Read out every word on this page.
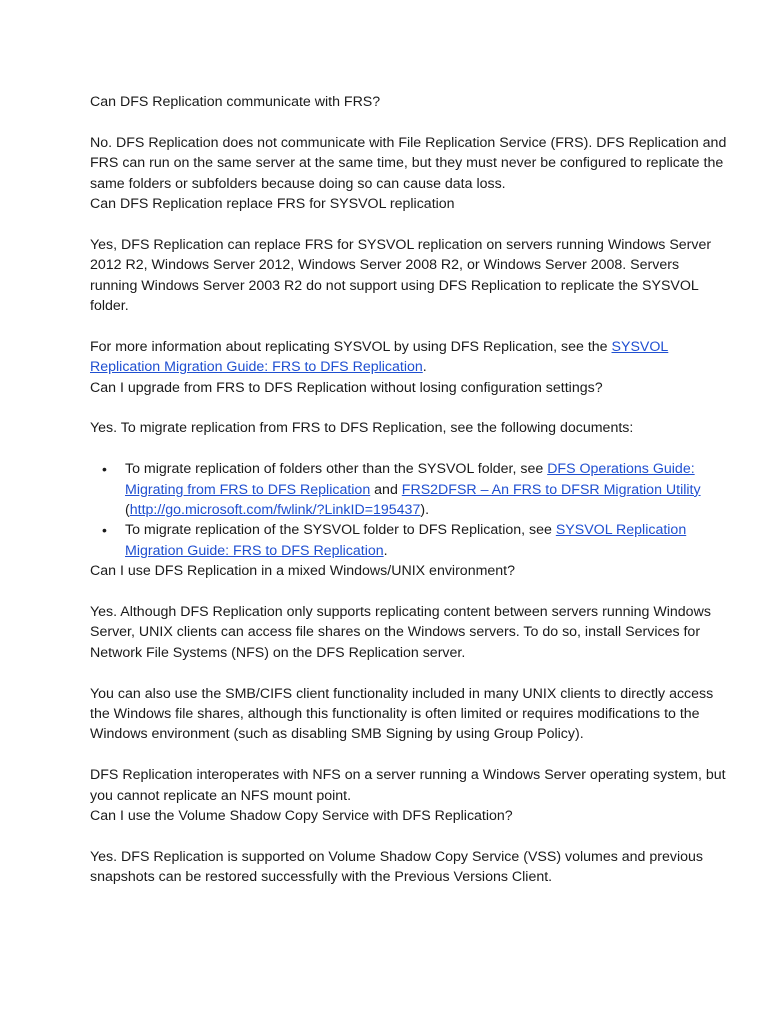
Can DFS Replication communicate with FRS?

No. DFS Replication does not communicate with File Replication Service (FRS). DFS Replication and FRS can run on the same server at the same time, but they must never be configured to replicate the same folders or subfolders because doing so can cause data loss.

Can DFS Replication replace FRS for SYSVOL replication

Yes, DFS Replication can replace FRS for SYSVOL replication on servers running Windows Server 2012 R2, Windows Server 2012, Windows Server 2008 R2, or Windows Server 2008. Servers running Windows Server 2003 R2 do not support using DFS Replication to replicate the SYSVOL folder.

For more information about replicating SYSVOL by using DFS Replication, see the SYSVOL Replication Migration Guide: FRS to DFS Replication.

Can I upgrade from FRS to DFS Replication without losing configuration settings?

Yes. To migrate replication from FRS to DFS Replication, see the following documents:

• To migrate replication of folders other than the SYSVOL folder, see DFS Operations Guide: Migrating from FRS to DFS Replication and FRS2DFSR – An FRS to DFSR Migration Utility (http://go.microsoft.com/fwlink/?LinkID=195437).
• To migrate replication of the SYSVOL folder to DFS Replication, see SYSVOL Replication Migration Guide: FRS to DFS Replication.

Can I use DFS Replication in a mixed Windows/UNIX environment?

Yes. Although DFS Replication only supports replicating content between servers running Windows Server, UNIX clients can access file shares on the Windows servers. To do so, install Services for Network File Systems (NFS) on the DFS Replication server.

You can also use the SMB/CIFS client functionality included in many UNIX clients to directly access the Windows file shares, although this functionality is often limited or requires modifications to the Windows environment (such as disabling SMB Signing by using Group Policy).

DFS Replication interoperates with NFS on a server running a Windows Server operating system, but you cannot replicate an NFS mount point.

Can I use the Volume Shadow Copy Service with DFS Replication?

Yes. DFS Replication is supported on Volume Shadow Copy Service (VSS) volumes and previous snapshots can be restored successfully with the Previous Versions Client.
